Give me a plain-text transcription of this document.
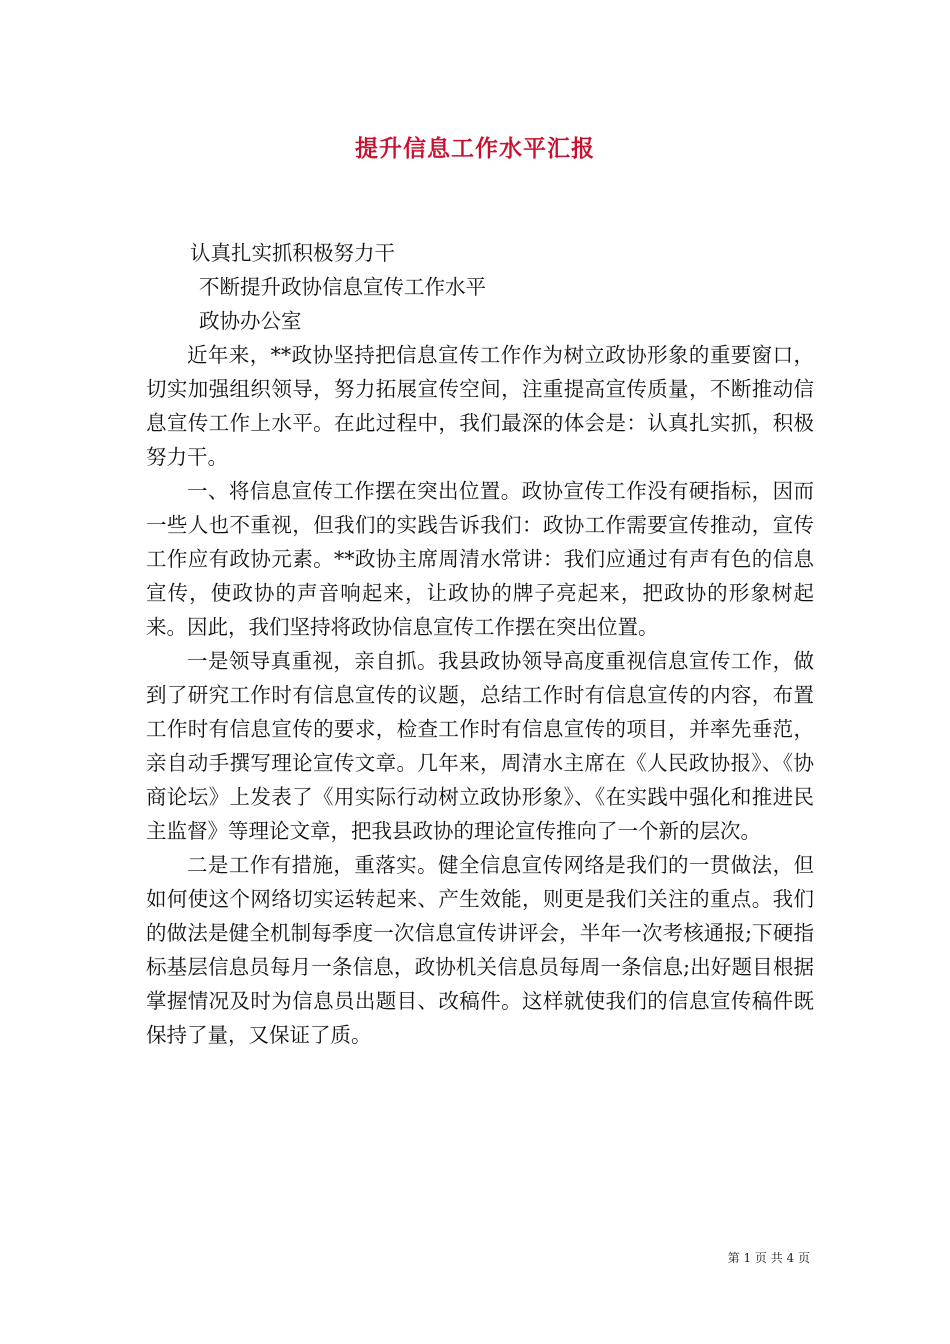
提升信息工作水平汇报
认真扎实抓积极努力干
不断提升政协信息宣传工作水平
政协办公室

近年来，**政协坚持把信息宣传工作作为树立政协形象的重要窗口，切实加强组织领导，努力拓展宣传空间，注重提高宣传质量，不断推动信息宣传工作上水平。在此过程中，我们最深的体会是：认真扎实抓，积极努力干。

一、将信息宣传工作摆在突出位置。政协宣传工作没有硬指标，因而一些人也不重视，但我们的实践告诉我们：政协工作需要宣传推动，宣传工作应有政协元素。**政协主席周清水常讲：我们应通过有声有色的信息宣传，使政协的声音响起来，让政协的牌子亮起来，把政协的形象树起来。因此，我们坚持将政协信息宣传工作摆在突出位置。

一是领导真重视，亲自抓。我县政协领导高度重视信息宣传工作，做到了研究工作时有信息宣传的议题，总结工作时有信息宣传的内容，布置工作时有信息宣传的要求，检查工作时有信息宣传的项目，并率先垂范，亲自动手撰写理论宣传文章。几年来，周清水主席在《人民政协报》、《协商论坛》上发表了《用实际行动树立政协形象》、《在实践中强化和推进民主监督》等理论文章，把我县政协的理论宣传推向了一个新的层次。

二是工作有措施，重落实。健全信息宣传网络是我们的一贯做法，但如何使这个网络切实运转起来、产生效能，则更是我们关注的重点。我们的做法是健全机制每季度一次信息宣传讲评会，半年一次考核通报;下硬指标基层信息员每月一条信息，政协机关信息员每周一条信息;出好题目根据掌握情况及时为信息员出题目、改稿件。这样就使我们的信息宣传稿件既保持了量，又保证了质。

第 1 页 共 4 页
